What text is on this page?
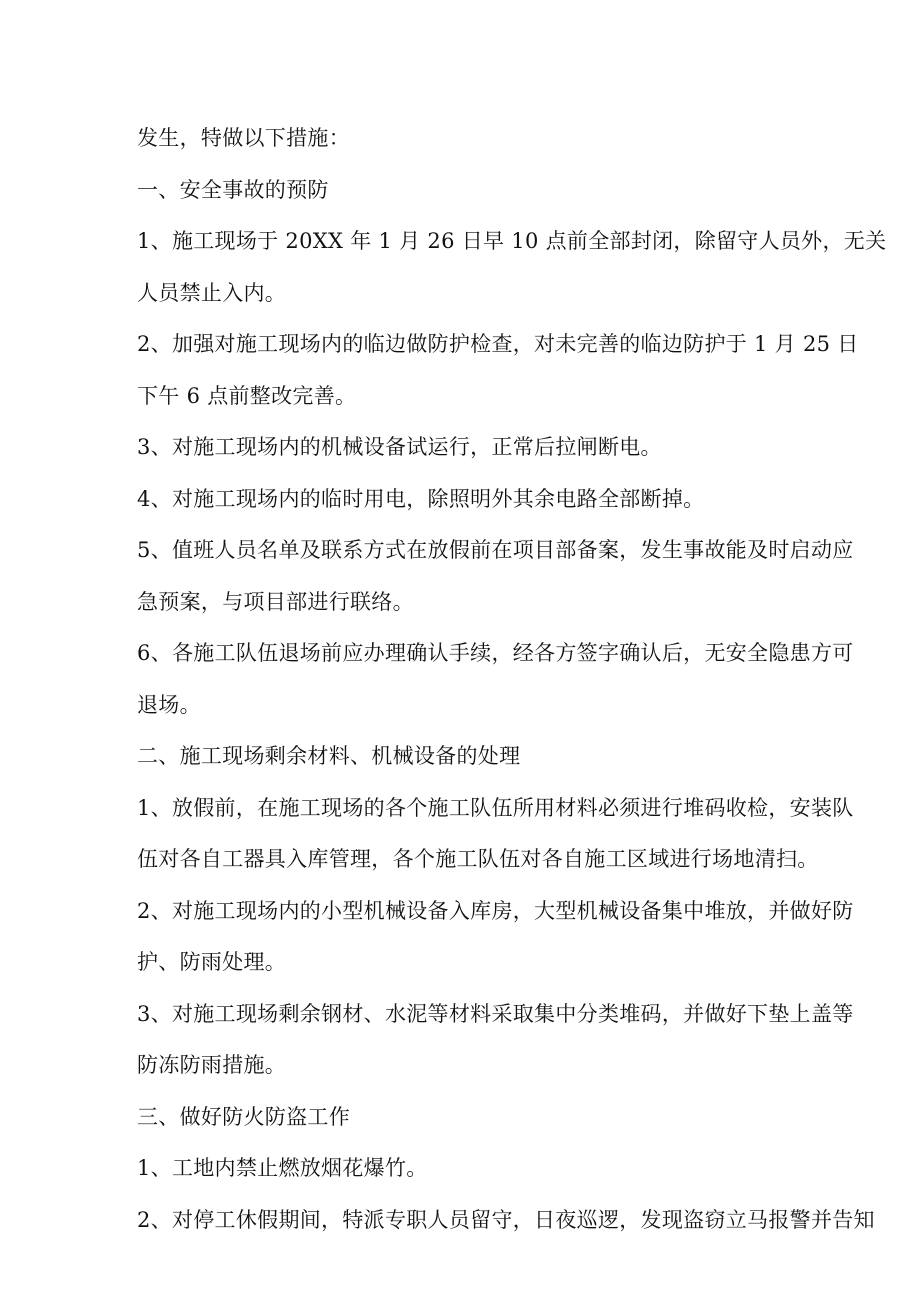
发生，特做以下措施：
一、安全事故的预防
1、施工现场于 20XX 年 1 月 26 日早 10 点前全部封闭，除留守人员外，无关
人员禁止入内。
2、加强对施工现场内的临边做防护检查，对未完善的临边防护于 1 月 25 日
下午 6 点前整改完善。
3、对施工现场内的机械设备试运行，正常后拉闸断电。
4、对施工现场内的临时用电，除照明外其余电路全部断掉。
5、值班人员名单及联系方式在放假前在项目部备案，发生事故能及时启动应
急预案，与项目部进行联络。
6、各施工队伍退场前应办理确认手续，经各方签字确认后，无安全隐患方可
退场。
二、施工现场剩余材料、机械设备的处理
1、放假前，在施工现场的各个施工队伍所用材料必须进行堆码收检，安装队
伍对各自工器具入库管理，各个施工队伍对各自施工区域进行场地清扫。
2、对施工现场内的小型机械设备入库房，大型机械设备集中堆放，并做好防
护、防雨处理。
3、对施工现场剩余钢材、水泥等材料采取集中分类堆码，并做好下垫上盖等
防冻防雨措施。
三、做好防火防盗工作
1、工地内禁止燃放烟花爆竹。
2、对停工休假期间，特派专职人员留守，日夜巡逻，发现盗窃立马报警并告知
